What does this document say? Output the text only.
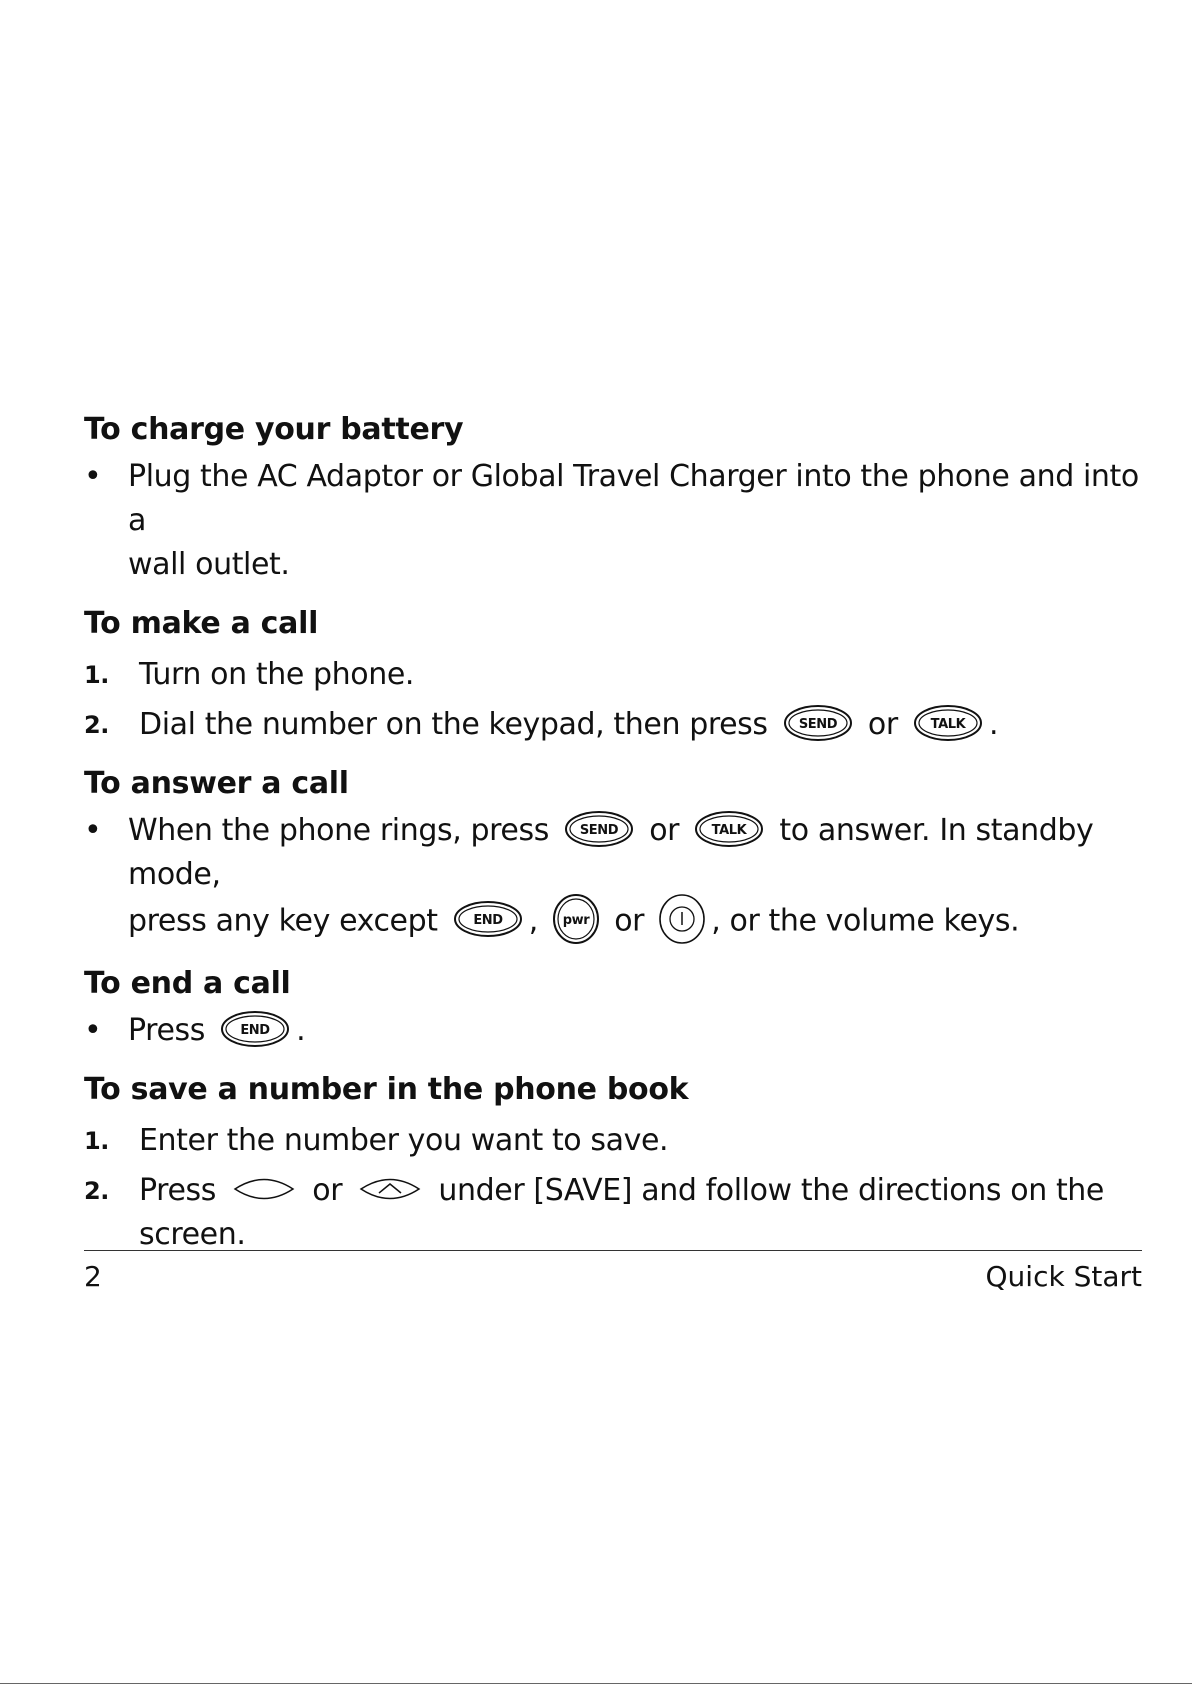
To charge your battery
• Plug the AC Adaptor or Global Travel Charger into the phone and into a
wall outlet.
To make a call
1. Turn on the phone.
2. Dial the number on the keypad, then press SEND or	TALK .
To answer a call
• When the phone rings, press SEND or	TALK to answer. In standby mode,
press any key except	END , pwr or , or the volume keys.
To end a call
• Press	END .
To save a number in the phone book
1. Enter the number you want to save.
2. Press	or	under [SAVE] and follow the directions on the screen.
2	Quick Start
